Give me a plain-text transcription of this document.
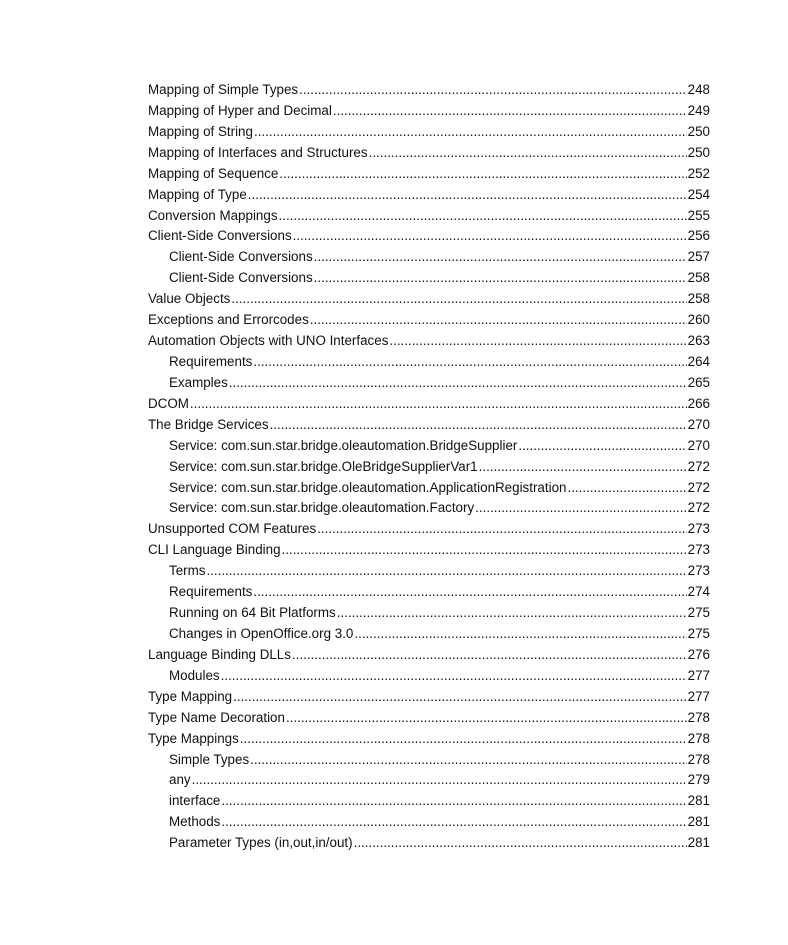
Mapping of Simple Types .....	248
Mapping of Hyper and Decimal .....	249
Mapping of String .....	250
Mapping of Interfaces and Structures .....	250
Mapping of Sequence .....	252
Mapping of Type .....	254
Conversion Mappings .....	255
Client-Side Conversions .....	256
Client-Side Conversions .....	257
Client-Side Conversions .....	258
Value Objects .....	258
Exceptions and Errorcodes .....	260
Automation Objects with UNO Interfaces .....	263
Requirements .....	264
Examples .....	265
DCOM .....	266
The Bridge Services .....	270
Service: com.sun.star.bridge.oleautomation.BridgeSupplier .....	270
Service: com.sun.star.bridge.OleBridgeSupplierVar1 .....	272
Service: com.sun.star.bridge.oleautomation.ApplicationRegistration .....	272
Service: com.sun.star.bridge.oleautomation.Factory .....	272
Unsupported COM Features .....	273
CLI Language Binding .....	273
Terms .....	273
Requirements .....	274
Running on 64 Bit Platforms .....	275
Changes in OpenOffice.org 3.0 .....	275
Language Binding DLLs .....	276
Modules .....	277
Type Mapping .....	277
Type Name Decoration .....	278
Type Mappings .....	278
Simple Types .....	278
any .....	279
interface .....	281
Methods .....	281
Parameter Types (in,out,in/out) .....	281
